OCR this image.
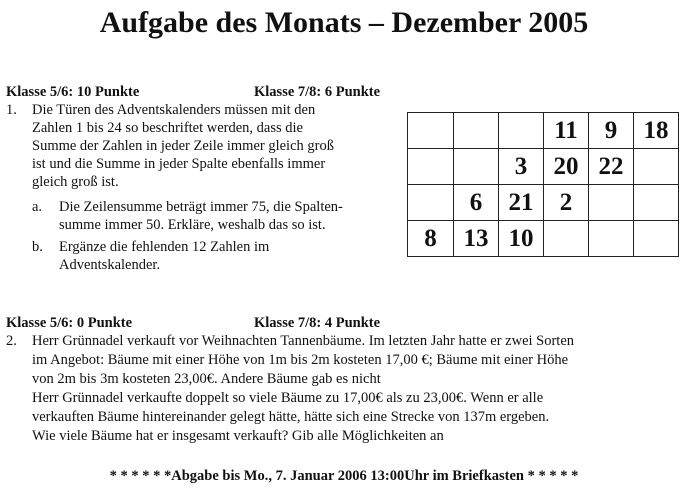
Aufgabe des Monats – Dezember 2005
Klasse 5/6: 10 Punkte	Klasse 7/8: 6 Punkte
1. Die Türen des Adventskalenders müssen mit den
Zahlen 1 bis 24 so beschriftet werden, dass die
Summe der Zahlen in jeder Zeile immer gleich groß
ist und die Summe in jeder Spalte ebenfalls immer
gleich groß ist.
a. Die Zeilensumme beträgt immer 75, die Spalten-
summe immer 50. Erkläre, weshalb das so ist.
b. Ergänze die fehlenden 12 Zahlen im
Adventskalender.
			11	9	18
		3	20	22	
	6	21	2		
8	13	10			
Klasse 5/6: 0 Punkte	Klasse 7/8: 4 Punkte
2. Herr Grünnadel verkauft vor Weihnachten Tannenbäume. Im letzten Jahr hatte er zwei Sorten
im Angebot: Bäume mit einer Höhe von 1m bis 2m kosteten 17,00 €; Bäume mit einer Höhe
von 2m bis 3m kosteten 23,00€. Andere Bäume gab es nicht
Herr Grünnadel verkaufte doppelt so viele Bäume zu 17,00€ als zu 23,00€. Wenn er alle
verkauften Bäume hintereinander gelegt hätte, hätte sich eine Strecke von 137m ergeben.
Wie viele Bäume hat er insgesamt verkauft? Gib alle Möglichkeiten an
* * * * * *Abgabe bis Mo., 7. Januar 2006 13:00Uhr im Briefkasten * * * * *
